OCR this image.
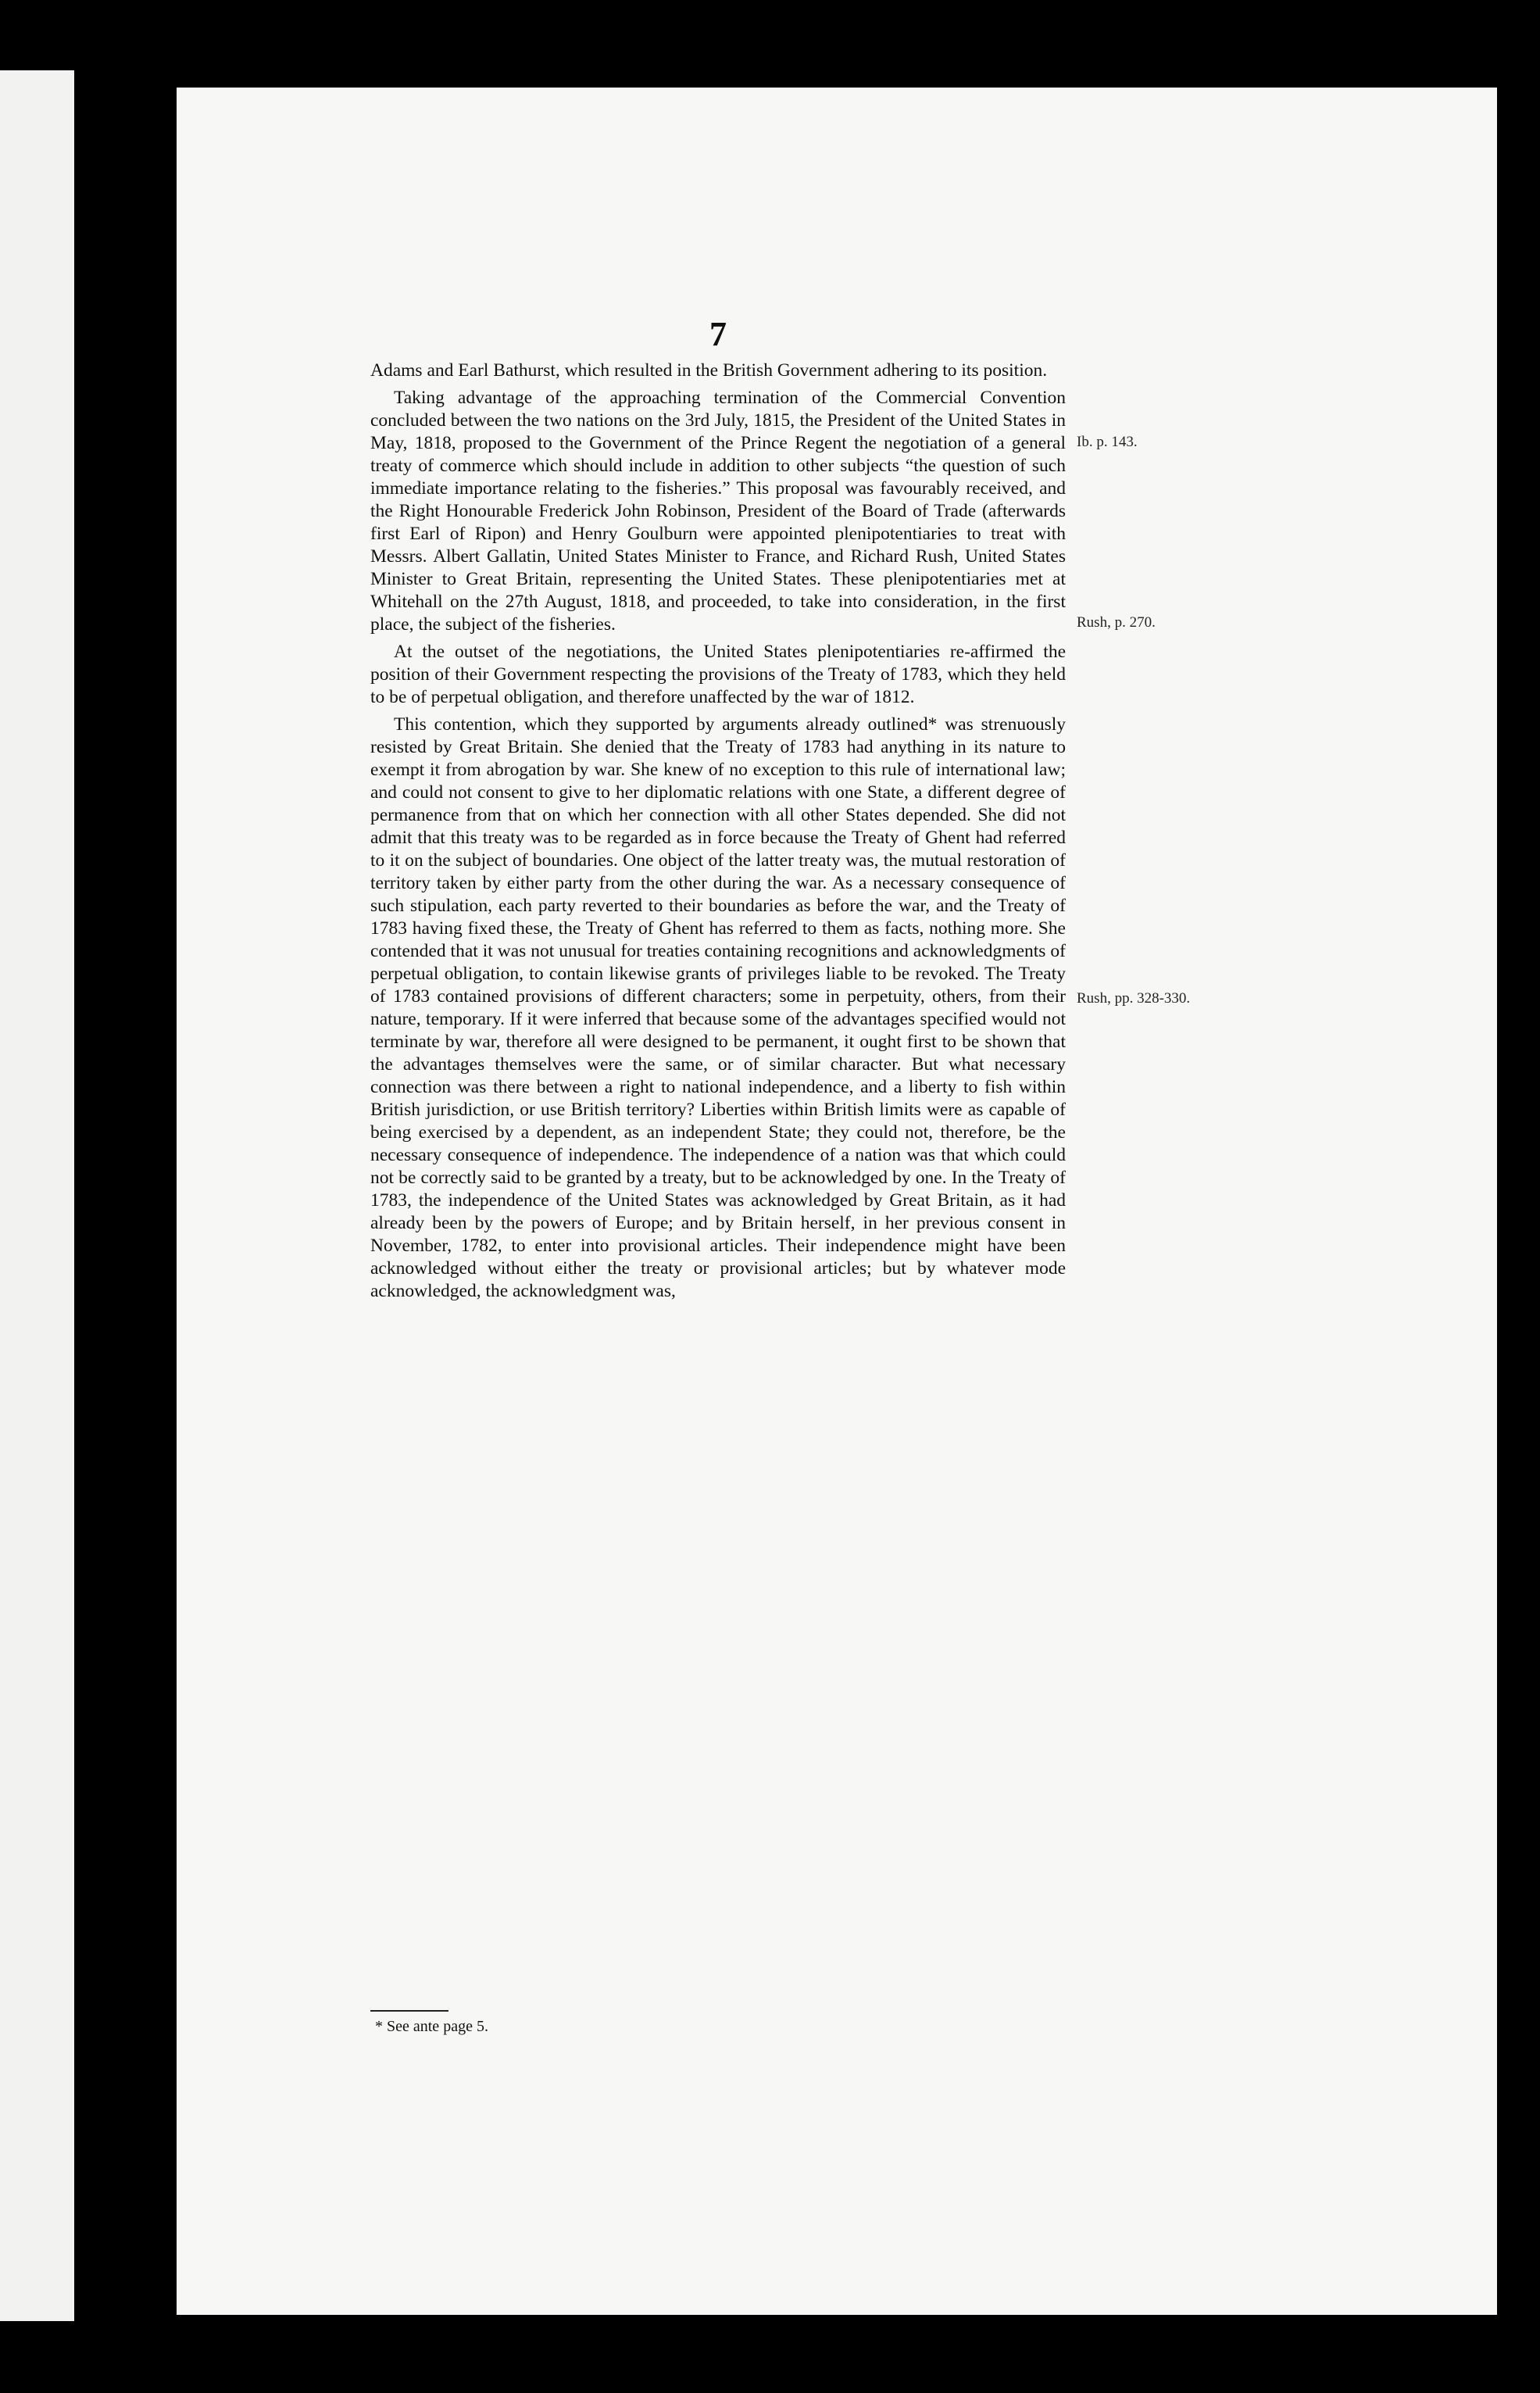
7

Adams and Earl Bathurst, which resulted in the British Government adhering to its position.

Taking advantage of the approaching termination of the Commercial Convention concluded between the two nations on the 3rd July, 1815, the President of the United States in May, 1818, proposed to the Government of the Prince Regent the negotiation of a general treaty of commerce which should include in addition to other subjects “the question of such immediate importance relating to the fisheries.” This proposal was favourably received, and the Right Honourable Frederick John Robinson, President of the Board of Trade (afterwards first Earl of Ripon) and Henry Goulburn were appointed plenipotentiaries to treat with Messrs. Albert Gallatin, United States Minister to France, and Richard Rush, United States Minister to Great Britain, representing the United States. These plenipotentiaries met at Whitehall on the 27th August, 1818, and proceeded, to take into consideration, in the first place, the subject of the fisheries.

At the outset of the negotiations, the United States plenipotentiaries re-affirmed the position of their Government respecting the provisions of the Treaty of 1783, which they held to be of perpetual obligation, and therefore unaffected by the war of 1812.

This contention, which they supported by arguments already outlined* was strenuously resisted by Great Britain. She denied that the Treaty of 1783 had anything in its nature to exempt it from abrogation by war. She knew of no exception to this rule of international law; and could not consent to give to her diplomatic relations with one State, a different degree of permanence from that on which her connection with all other States depended. She did not admit that this treaty was to be regarded as in force because the Treaty of Ghent had referred to it on the subject of boundaries. One object of the latter treaty was, the mutual restoration of territory taken by either party from the other during the war. As a necessary consequence of such stipulation, each party reverted to their boundaries as before the war, and the Treaty of 1783 having fixed these, the Treaty of Ghent has referred to them as facts, nothing more. She contended that it was not unusual for treaties containing recognitions and acknowledgments of perpetual obligation, to contain likewise grants of privileges liable to be revoked. The Treaty of 1783 contained provisions of different characters; some in perpetuity, others, from their nature, temporary. If it were inferred that because some of the advantages specified would not terminate by war, therefore all were designed to be permanent, it ought first to be shown that the advantages themselves were the same, or of similar character. But what necessary connection was there between a right to national independence, and a liberty to fish within British jurisdiction, or use British territory? Liberties within British limits were as capable of being exercised by a dependent, as an independent State; they could not, therefore, be the necessary consequence of independence. The independence of a nation was that which could not be correctly said to be granted by a treaty, but to be acknowledged by one. In the Treaty of 1783, the independence of the United States was acknowledged by Great Britain, as it had already been by the powers of Europe; and by Britain herself, in her previous consent in November, 1782, to enter into provisional articles. Their independence might have been acknowledged without either the treaty or provisional articles; but by whatever mode acknowledged, the acknowledgment was,

Ib. p. 143.
Rush, p. 270.
Rush, pp. 328-330.
* See ante page 5.
